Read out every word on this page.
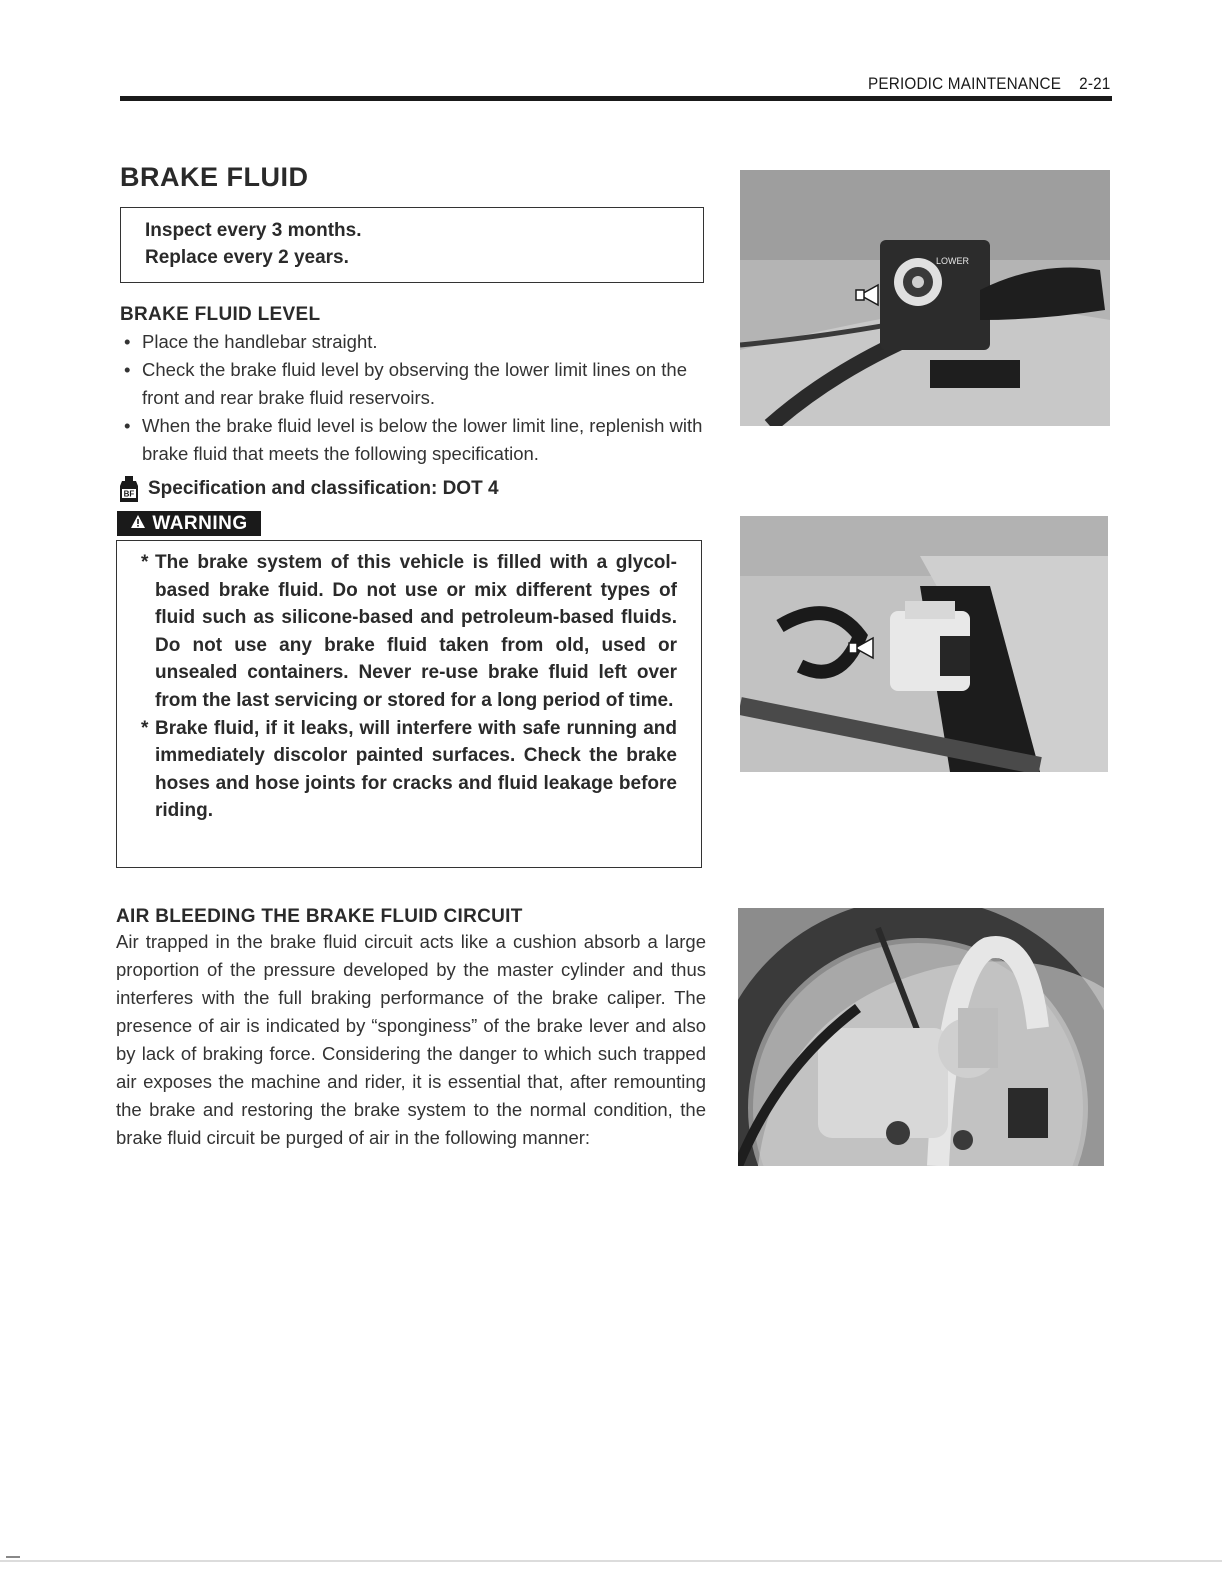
PERIODIC MAINTENANCE 2-21
BRAKE FLUID
Inspect every 3 months.
Replace every 2 years.
BRAKE FLUID LEVEL
• Place the handlebar straight.
• Check the brake fluid level by observing the lower limit lines on the front and rear brake fluid reservoirs.
• When the brake fluid level is below the lower limit line, replenish with brake fluid that meets the following specification.
BF Specification and classification: DOT 4
WARNING
* The brake system of this vehicle is filled with a glycol-based brake fluid. Do not use or mix different types of fluid such as silicone-based and petroleum-based fluids. Do not use any brake fluid taken from old, used or unsealed containers. Never re-use brake fluid left over from the last servicing or stored for a long period of time.
* Brake fluid, if it leaks, will interfere with safe running and immediately discolor painted surfaces. Check the brake hoses and hose joints for cracks and fluid leakage before riding.
AIR BLEEDING THE BRAKE FLUID CIRCUIT
Air trapped in the brake fluid circuit acts like a cushion absorb a large proportion of the pressure developed by the master cylinder and thus interferes with the full braking performance of the brake caliper. The presence of air is indicated by “sponginess” of the brake lever and also by lack of braking force. Considering the danger to which such trapped air exposes the machine and rider, it is essential that, after remounting the brake and restoring the brake system to the normal condition, the brake fluid circuit be purged of air in the following manner:
LOWER
